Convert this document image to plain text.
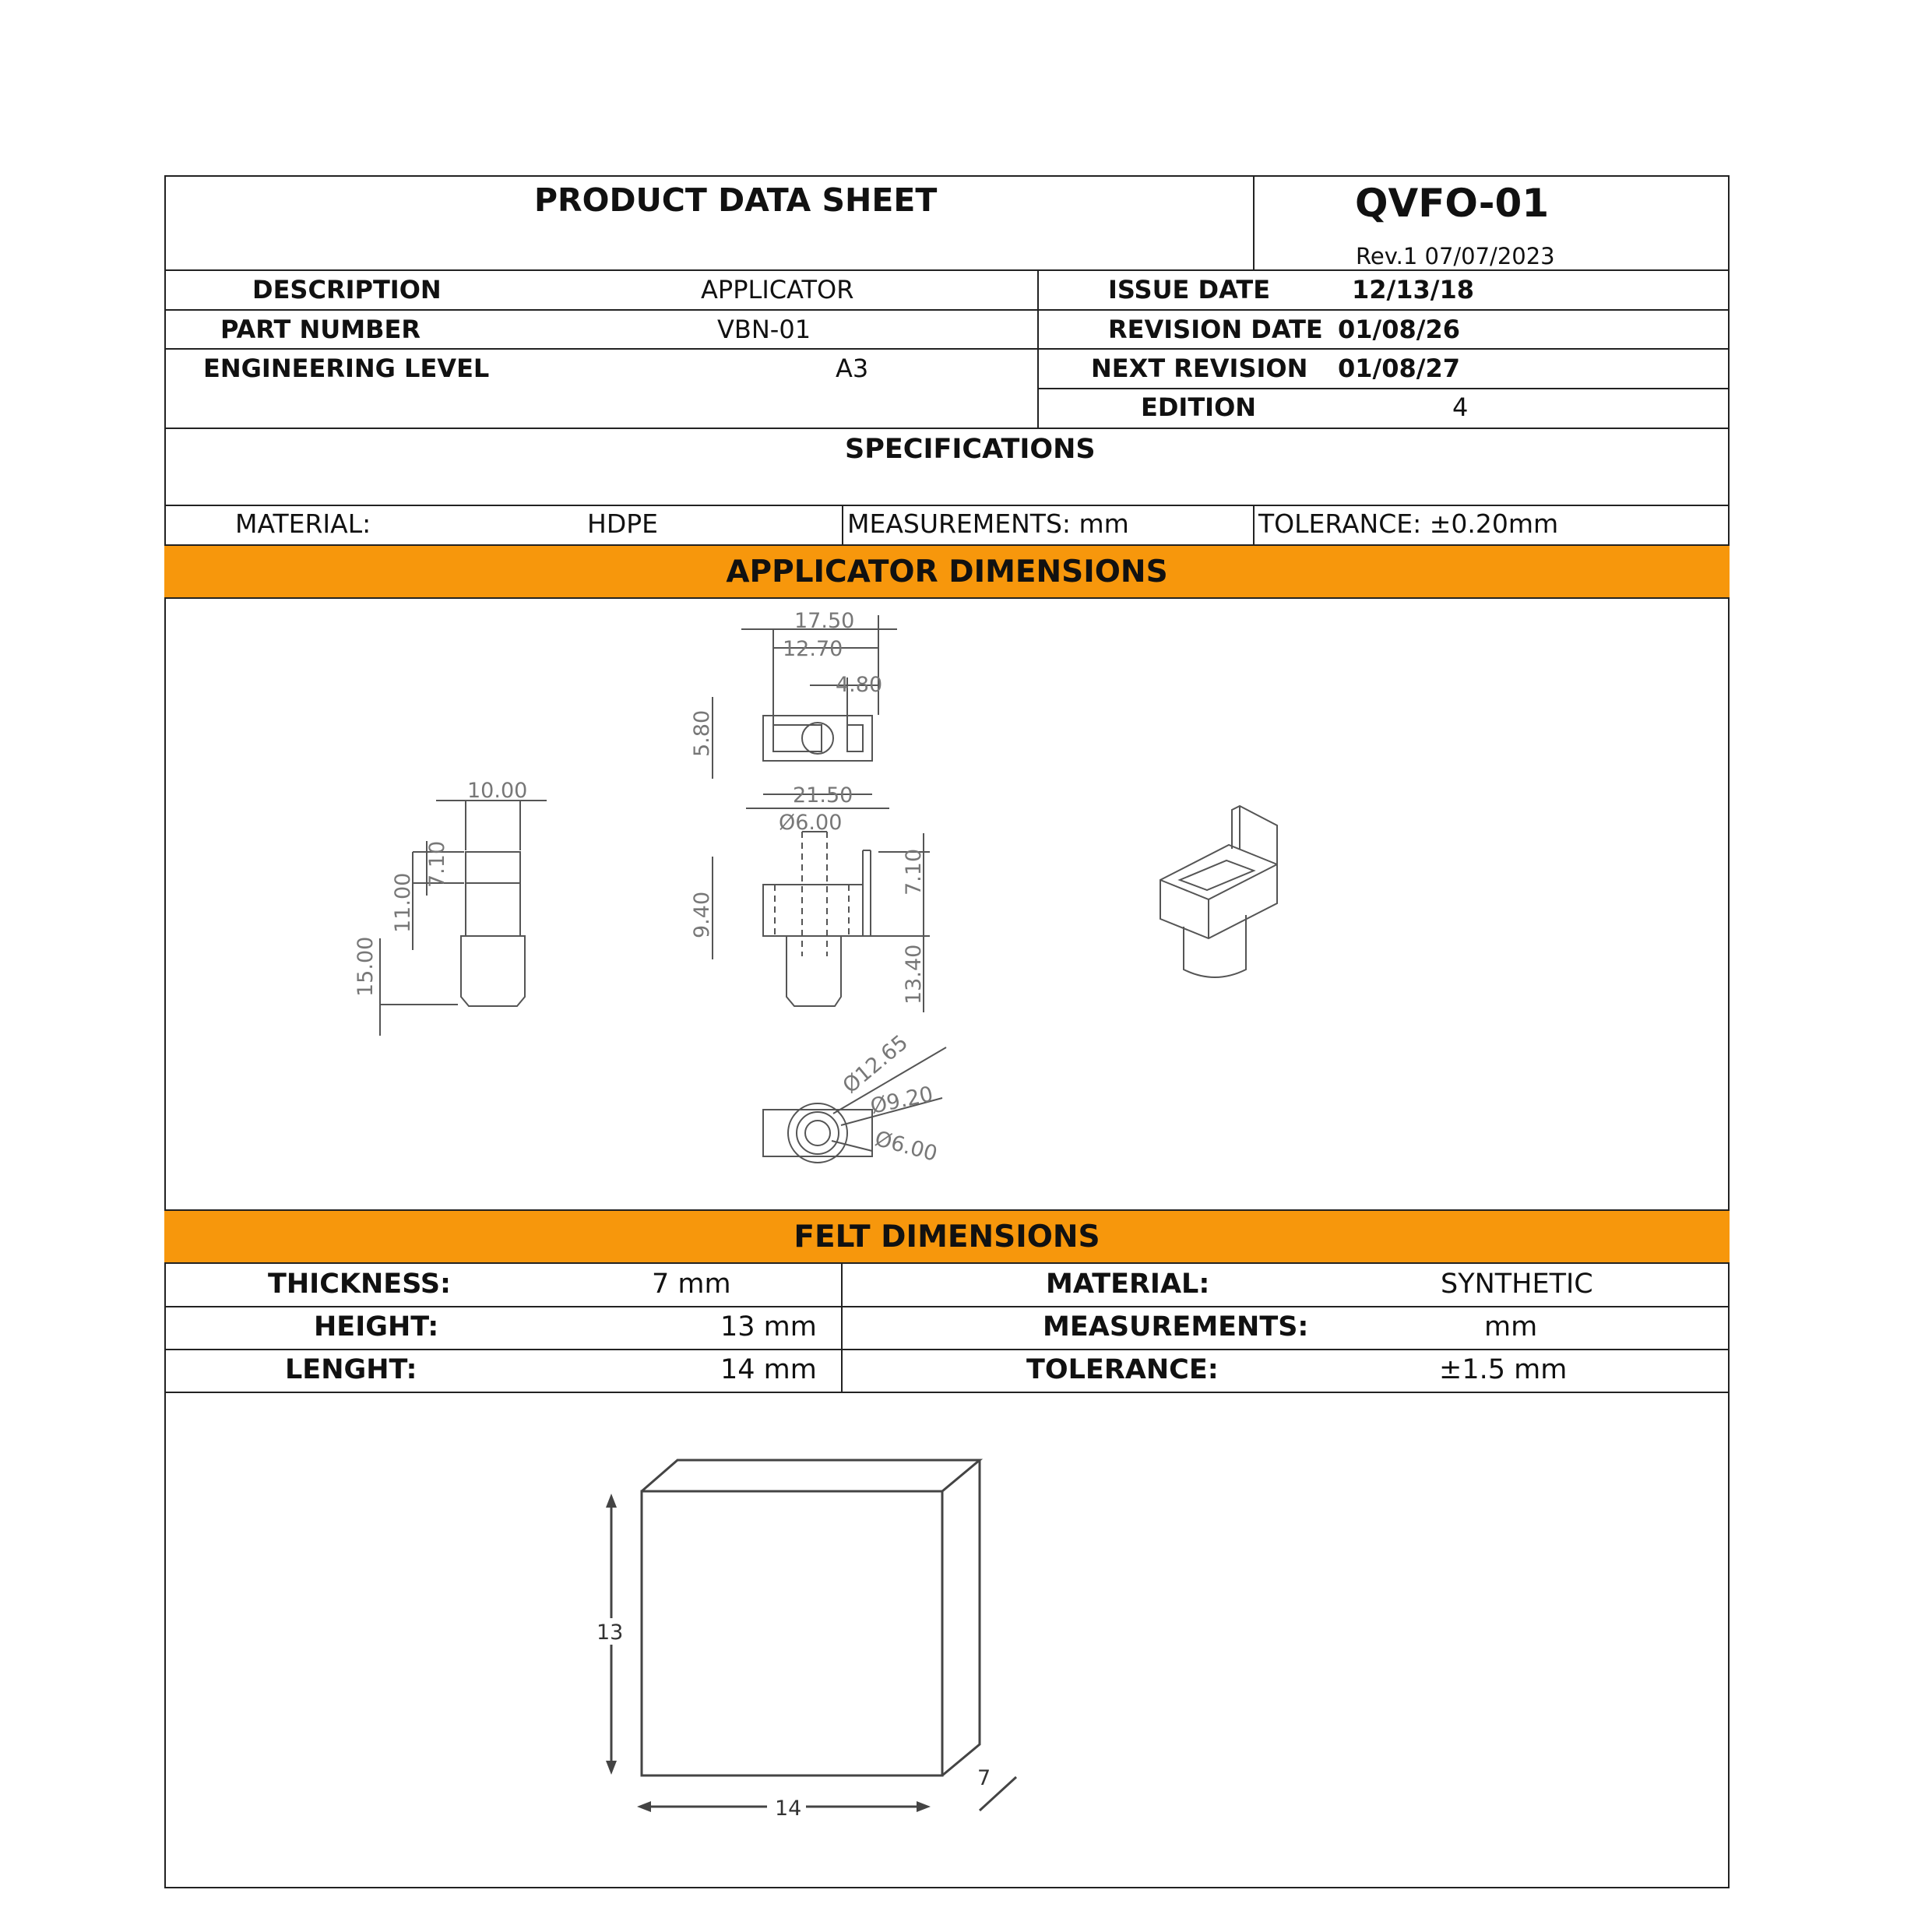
PRODUCT DATA SHEET	QVFO-01
Rev.1 07/07/2023
DESCRIPTION	APPLICATOR
PART NUMBER	VBN-01
ENGINEERING LEVEL	A3
ISSUE DATE	12/13/18
REVISION DATE 01/08/26
NEXT REVISION 01/08/27
EDITION	4
SPECIFICATIONS
MATERIAL:	HDPE	MEASUREMENTS: mm	TOLERANCE: ±0.20mm
APPLICATOR DIMENSIONS
17.50
12.70
4.80
5.80
21.50
Ø6.00
10.00
7.10
11.00
15.00
9.40
7.10
13.40
Ø12.65
Ø9.20
Ø6.00
FELT DIMENSIONS
THICKNESS:	7 mm
HEIGHT:	13 mm
LENGHT:	14 mm
MATERIAL:	SYNTHETIC
MEASUREMENTS:	mm
TOLERANCE:	±1.5 mm
13
14
7
